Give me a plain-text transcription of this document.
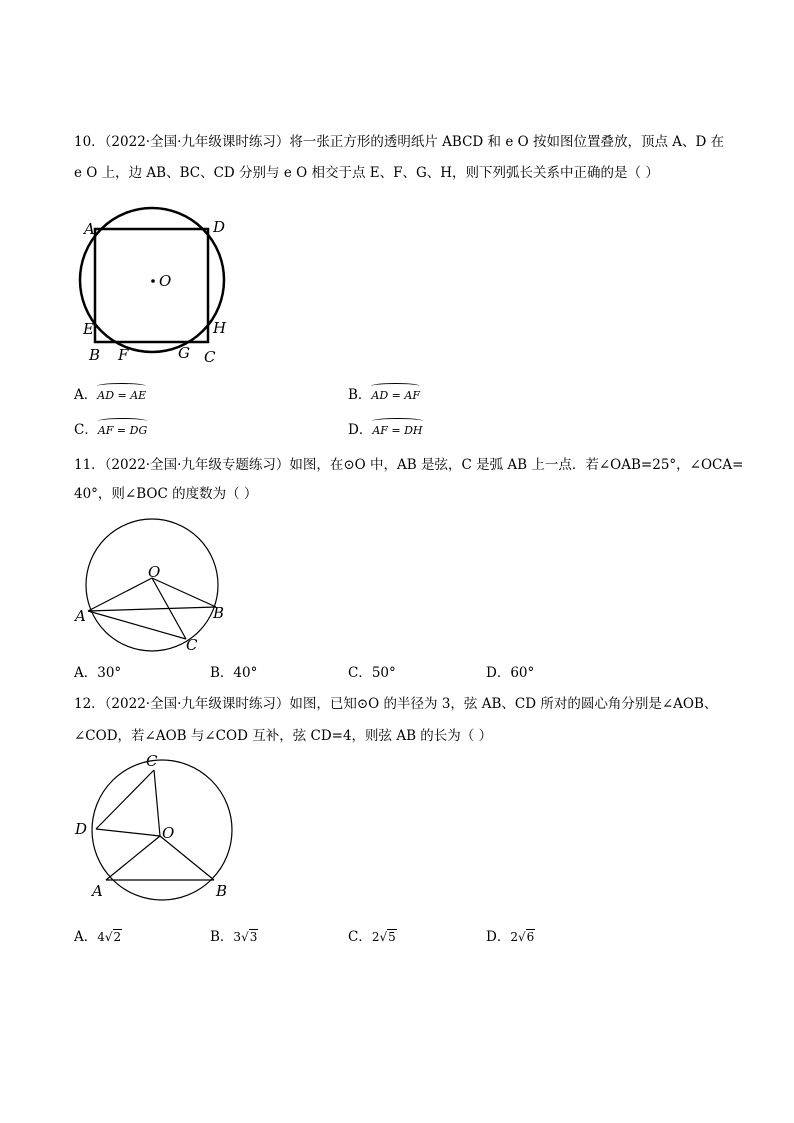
10．（2022·全国·九年级课时练习）将一张正方形的透明纸片 ABCD 和 e O 按如图位置叠放，顶点 A、D 在
e O 上，边 AB、BC、CD 分别与 e O 相交于点 E、F、G、H，则下列弧长关系中正确的是（ ）
A	D
O
E	H
B F	G C
A．AD = AE	B．AD = AF
C．AF = DG	D．AF = DH
11．（2022·全国·九年级专题练习）如图，在⊙O 中，AB 是弦，C 是弧 AB 上一点．若∠OAB=25°，∠OCA=
40°，则∠BOC 的度数为（ ）
O
A	B
C
A．30°	B．40°	C．50°	D．60°
12．（2022·全国·九年级课时练习）如图，已知⊙O 的半径为 3，弦 AB、CD 所对的圆心角分别是∠AOB、
∠COD，若∠AOB 与∠COD 互补，弦 CD=4，则弦 AB 的长为（ ）
C
D	O
A	B
A．4√2	B．3√3	C．2√5	D．2√6
